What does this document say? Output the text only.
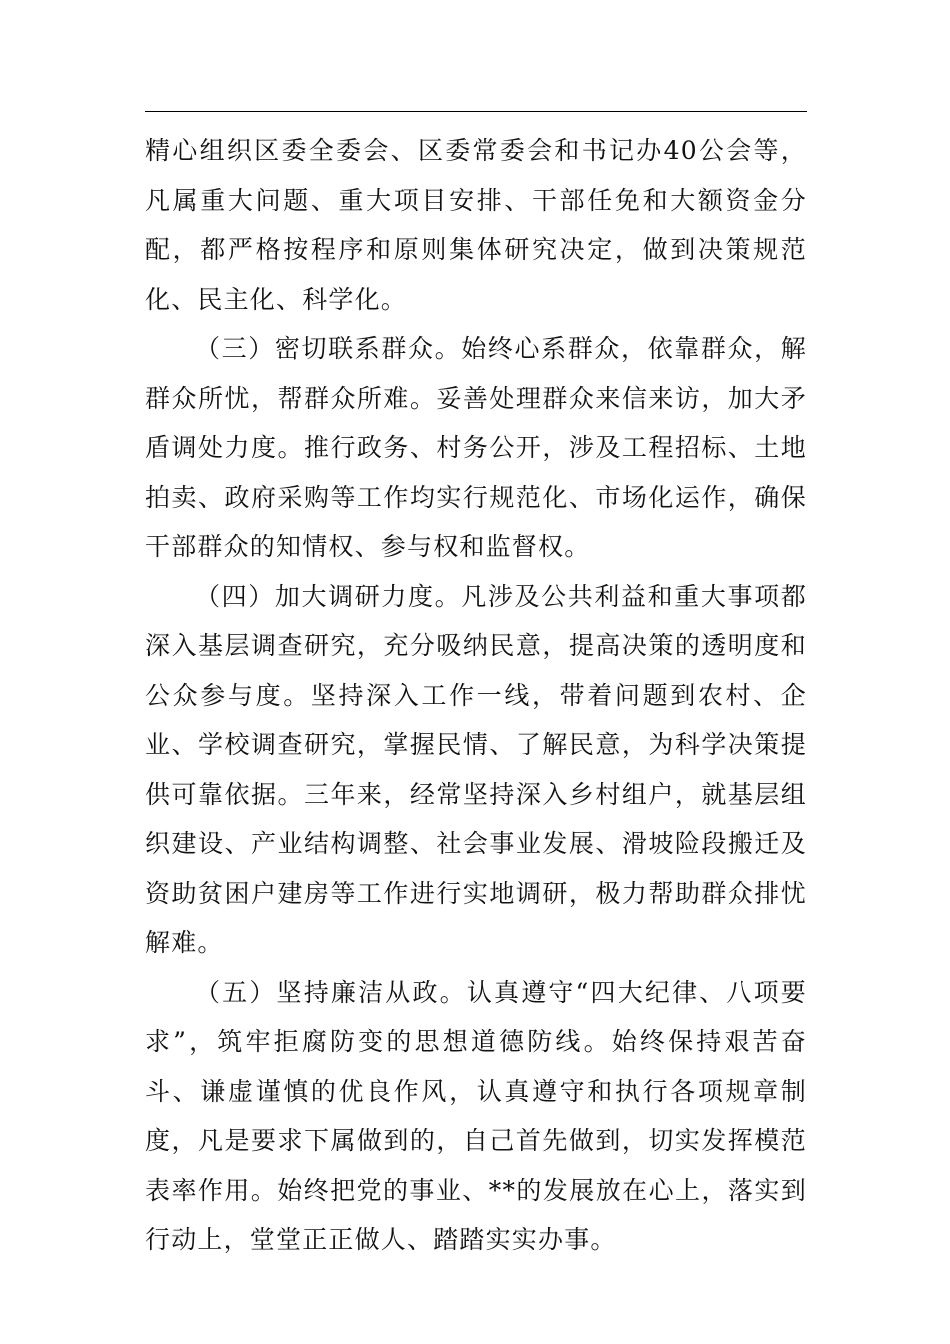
精心组织区委全委会、区委常委会和书记办40公会等，凡属重大问题、重大项目安排、干部任免和大额资金分配，都严格按程序和原则集体研究决定，做到决策规范化、民主化、科学化。

（三）密切联系群众。始终心系群众，依靠群众，解群众所忧，帮群众所难。妥善处理群众来信来访，加大矛盾调处力度。推行政务、村务公开，涉及工程招标、土地拍卖、政府采购等工作均实行规范化、市场化运作，确保干部群众的知情权、参与权和监督权。

（四）加大调研力度。凡涉及公共利益和重大事项都深入基层调查研究，充分吸纳民意，提高决策的透明度和公众参与度。坚持深入工作一线，带着问题到农村、企业、学校调查研究，掌握民情、了解民意，为科学决策提供可靠依据。三年来，经常坚持深入乡村组户，就基层组织建设、产业结构调整、社会事业发展、滑坡险段搬迁及资助贫困户建房等工作进行实地调研，极力帮助群众排忧解难。

（五）坚持廉洁从政。认真遵守“四大纪律、八项要求”，筑牢拒腐防变的思想道德防线。始终保持艰苦奋斗、谦虚谨慎的优良作风，认真遵守和执行各项规章制度，凡是要求下属做到的，自己首先做到，切实发挥模范表率作用。始终把党的事业、**的发展放在心上，落实到行动上，堂堂正正做人、踏踏实实办事。
